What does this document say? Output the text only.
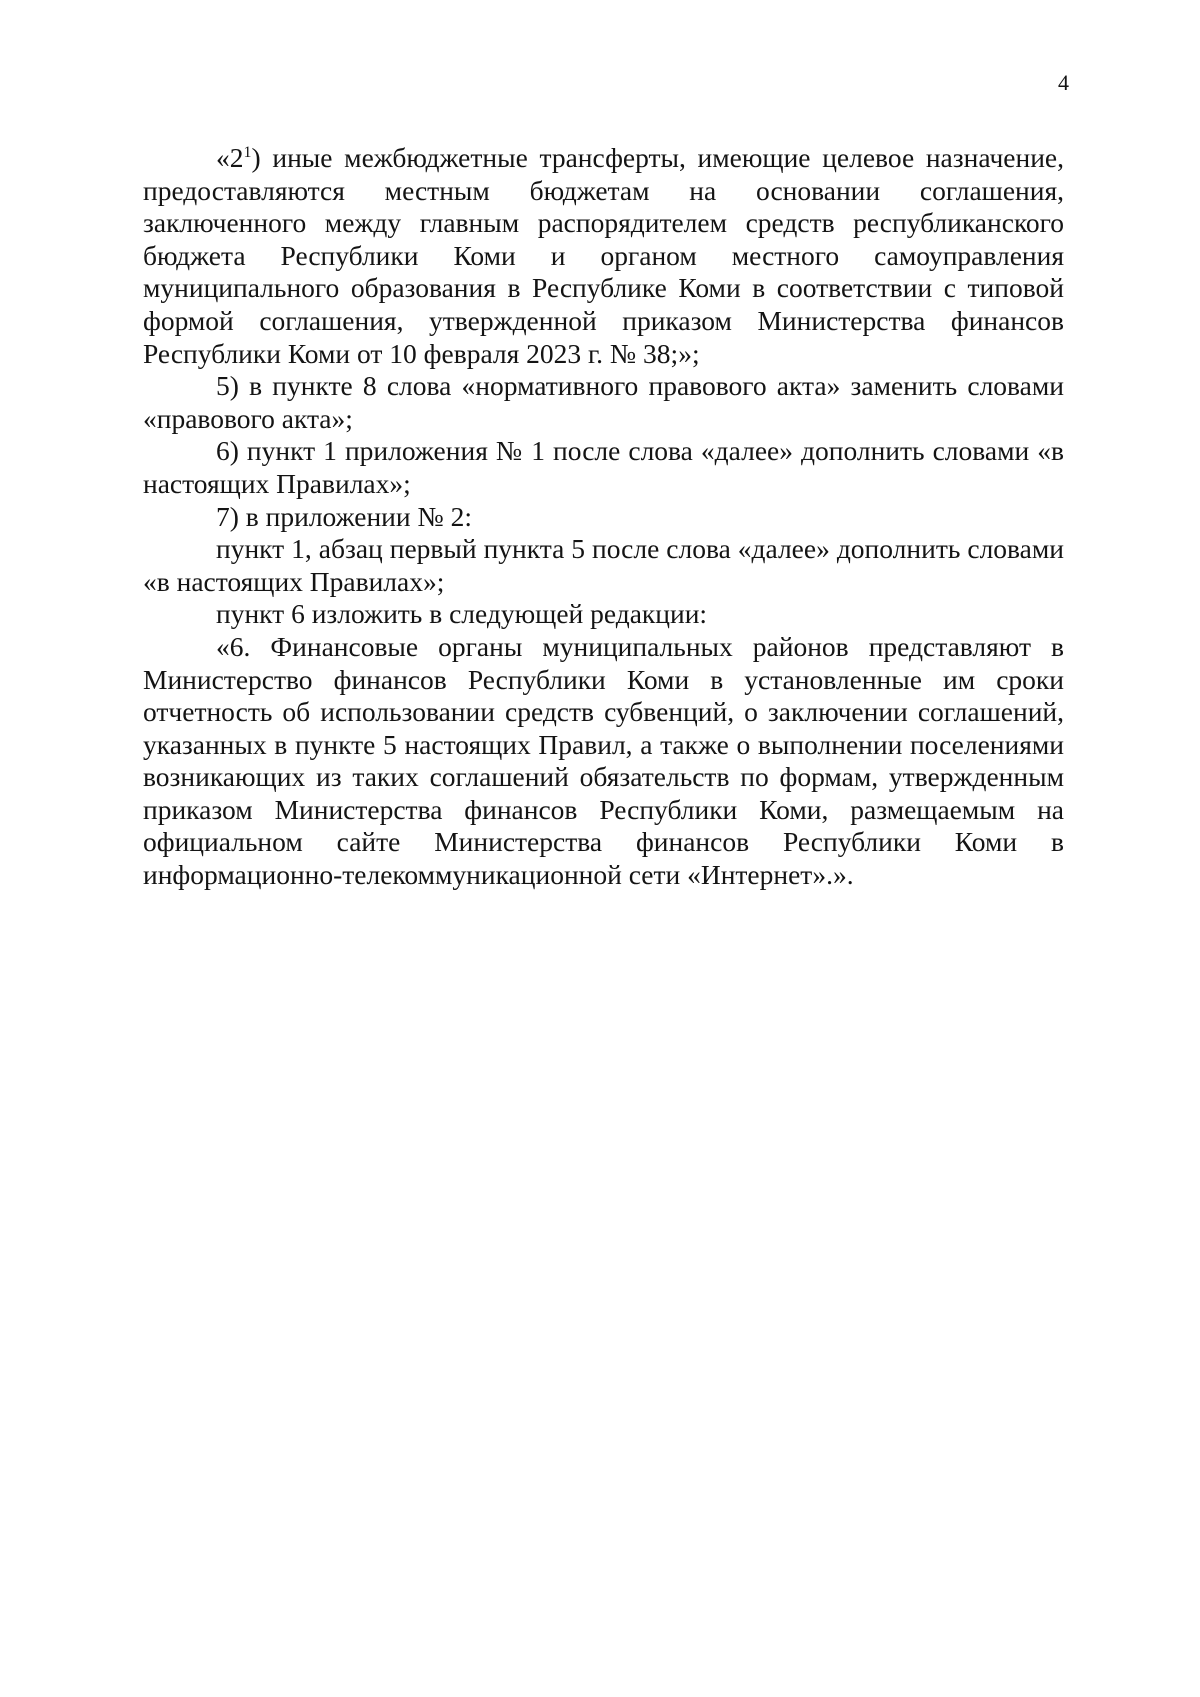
4

«$2^1$) иные межбюджетные трансферты, имеющие целевое назначение, предоставляются местным бюджетам на основании соглашения, заключенного между главным распорядителем средств республиканского бюджета Республики Коми и органом местного самоуправления муниципального образования в Республике Коми в соответствии с типовой формой соглашения, утвержденной приказом Министерства финансов Республики Коми от 10 февраля 2023 г. № 38;»;

5) в пункте 8 слова «нормативного правового акта» заменить словами «правового акта»;

6) пункт 1 приложения № 1 после слова «далее» дополнить словами «в настоящих Правилах»;

7) в приложении № 2:

пункт 1, абзац первый пункта 5 после слова «далее» дополнить словами «в настоящих Правилах»;

пункт 6 изложить в следующей редакции:

«6. Финансовые органы муниципальных районов представляют в Министерство финансов Республики Коми в установленные им сроки отчетность об использовании средств субвенций, о заключении соглашений, указанных в пункте 5 настоящих Правил, а также о выполнении поселениями возникающих из таких соглашений обязательств по формам, утвержденным приказом Министерства финансов Республики Коми, размещаемым на официальном сайте Министерства финансов Республики Коми в информационно-телекоммуникационной сети «Интернет».».
